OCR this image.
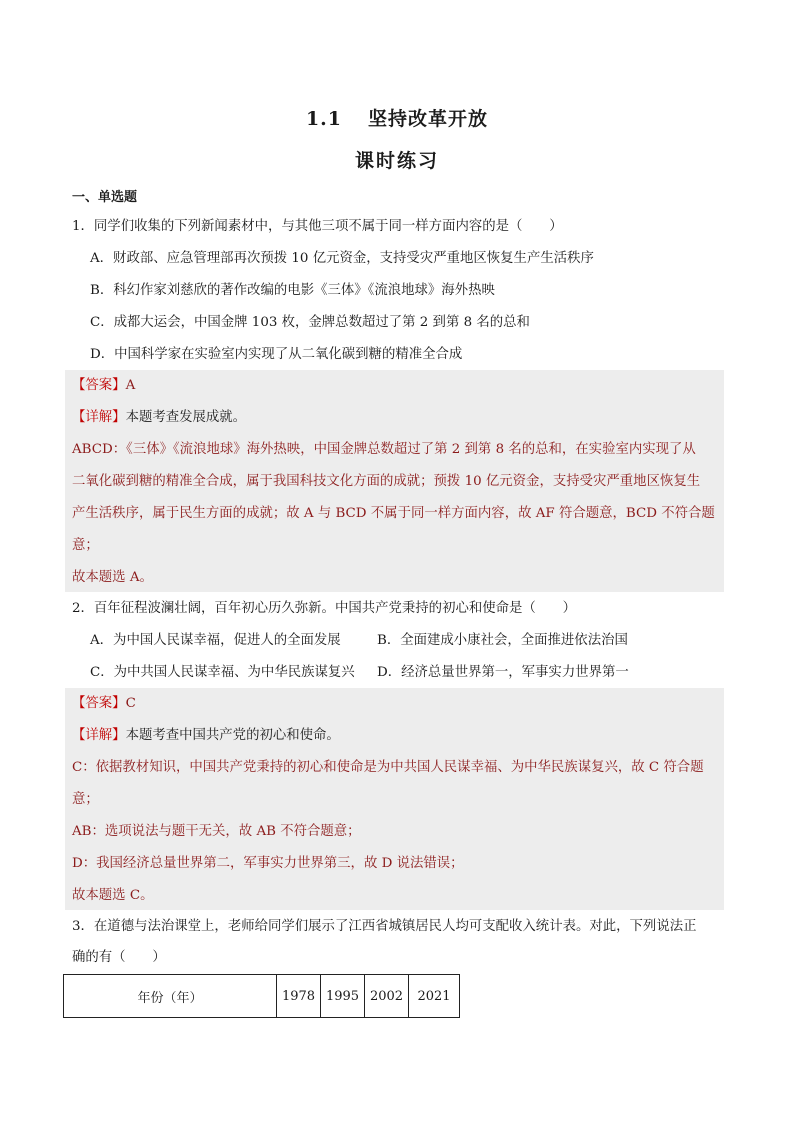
1.1 坚持改革开放
课时练习
一、单选题
1．同学们收集的下列新闻素材中，与其他三项不属于同一样方面内容的是（　　）
A．财政部、应急管理部再次预拨 10 亿元资金，支持受灾严重地区恢复生产生活秩序
B．科幻作家刘慈欣的著作改编的电影《三体》《流浪地球》海外热映
C．成都大运会，中国金牌 103 枚，金牌总数超过了第 2 到第 8 名的总和
D．中国科学家在实验室内实现了从二氧化碳到糖的精准全合成
【答案】A
【详解】本题考查发展成就。
ABCD：《三体》《流浪地球》海外热映，中国金牌总数超过了第 2 到第 8 名的总和，在实验室内实现了从
二氧化碳到糖的精准全合成，属于我国科技文化方面的成就；预拨 10 亿元资金，支持受灾严重地区恢复生
产生活秩序，属于民生方面的成就；故 A 与 BCD 不属于同一样方面内容，故 AF 符合题意，BCD 不符合题
意；
故本题选 A。
2．百年征程波澜壮阔，百年初心历久弥新。中国共产党秉持的初心和使命是（　　）
A．为中国人民谋幸福，促进人的全面发展	B．全面建成小康社会，全面推进依法治国
C．为中共国人民谋幸福、为中华民族谋复兴	D．经济总量世界第一，军事实力世界第一
【答案】C
【详解】本题考查中国共产党的初心和使命。
C：依据教材知识，中国共产党秉持的初心和使命是为中共国人民谋幸福、为中华民族谋复兴，故 C 符合题
意；
AB：选项说法与题干无关，故 AB 不符合题意；
D：我国经济总量世界第二，军事实力世界第三，故 D 说法错误；
故本题选 C。
3．在道德与法治课堂上，老师给同学们展示了江西省城镇居民人均可支配收入统计表。对此，下列说法正
确的有（　　）
年份（年）	1978	1995	2002	2021
